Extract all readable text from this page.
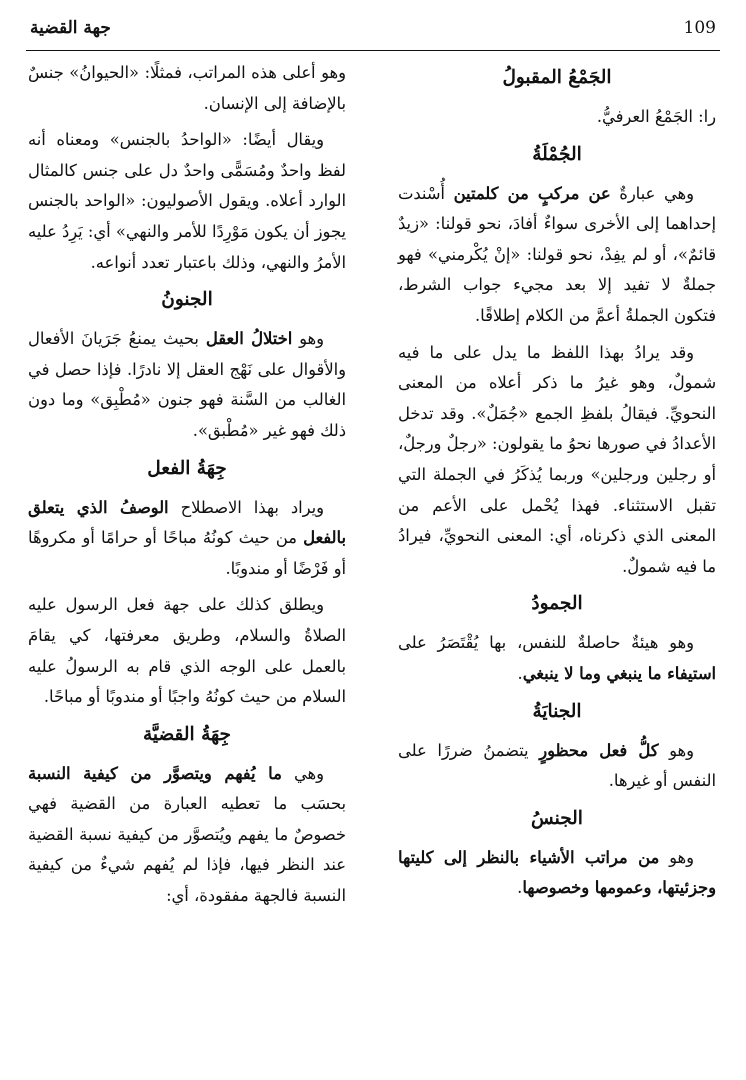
جهة القضية	109
الجَمْعُ المقبولُ

را: الجَمْعُ العرفيُّ.

الجُمْلَةُ

وهي عبارةٌ عن مركبٍ من كلمتين أُسْندت إحداهما إلى الأخرى سواءٌ أفادَ، نحو قولنا: «زيدٌ قائمٌ»، أو لم يفِدْ، نحو قولنا: «إنْ يُكْرمني» فهو جملةٌ لا تفيد إلا بعد مجيء جواب الشرط، فتكون الجملةُ أعمَّ من الكلام إطلاقًا.

وقد يرادُ بهذا اللفظ ما يدل على ما فيه شمولٌ، وهو غيرُ ما ذكر أعلاه من المعنى النحويِّ. فيقالُ بلفظِ الجمع «جُمَلٌ». وقد تدخل الأعدادُ في صورها نحوُ ما يقولون: «رجلٌ ورجلٌ، أو رجلين ورجلين» وربما يُذكَرُ في الجملة التي تقبل الاستثناء. فهذا يُحْمل على الأعم من المعنى الذي ذكرناه، أي: المعنى النحويِّ، فيرادُ ما فيه شمولٌ.

الجمودُ

وهو هيئةٌ حاصلةٌ للنفس، بها يُقْتَصَرُ على استيفاء ما ينبغي وما لا ينبغي.

الجنايَةُ

وهو كلُّ فعل محظورٍ يتضمنُ ضررًا على النفس أو غيرها.

الجنسُ

وهو من مراتب الأشياء بالنظر إلى كليتها وجزئيتها، وعمومها وخصوصها.

وهو أعلى هذه المراتب، فمثلًا: «الحيوانُ» جنسٌ بالإضافة إلى الإنسان.

ويقال أيضًا: «الواحدُ بالجنس» ومعناه أنه لفظ واحدٌ ومُسَمًّى واحدٌ دل على جنس كالمثال الوارد أعلاه. ويقول الأصوليون: «الواحد بالجنس يجوز أن يكون مَوْرِدًا للأمر والنهي» أي: يَرِدُ عليه الأمرُ والنهي، وذلك باعتبار تعدد أنواعه.

الجنونُ

وهو اختلالُ العقل بحيث يمنعُ جَرَيانَ الأفعال والأقوال على نَهْج العقل إلا نادرًا. فإذا حصل في الغالب من السَّنة فهو جنون «مُطْبِق» وما دون ذلك فهو غير «مُطْبق».

جِهَةُ الفعل

ويراد بهذا الاصطلاح الوصفُ الذي يتعلق بالفعل من حيث كونُهُ مباحًا أو حرامًا أو مكروهًا أو فَرْضًا أو مندوبًا.

ويطلق كذلك على جهة فعل الرسول عليه الصلاةُ والسلام، وطريق معرفتها، كي يقامَ بالعمل على الوجه الذي قام به الرسولُ عليه السلام من حيث كونُهُ واجبًا أو مندوبًا أو مباحًا.

جِهَةُ القضيَّة

وهي ما يُفهم ويتصوَّر من كيفية النسبة بحسَب ما تعطيه العبارة من القضية فهي خصوصٌ ما يفهم ويُتصوَّر من كيفية نسبة القضية عند النظر فيها، فإذا لم يُفهم شيءٌ من كيفية النسبة فالجهة مفقودة، أي:
